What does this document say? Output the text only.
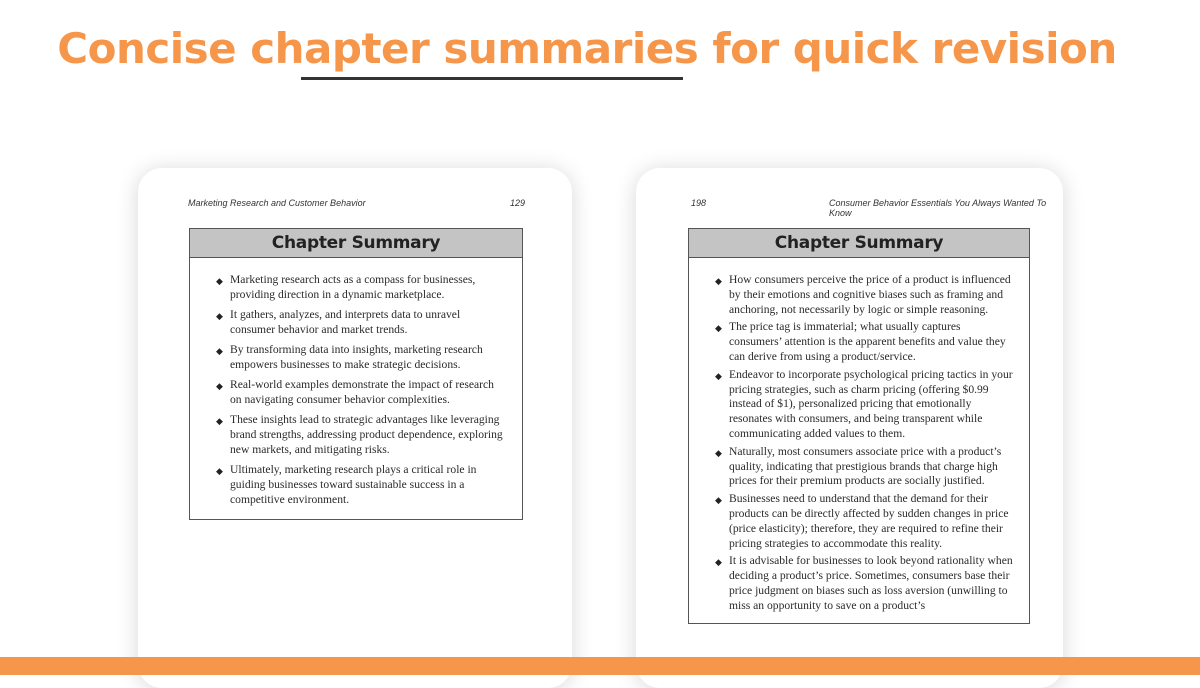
Concise chapter summaries for quick revision
Marketing Research and Customer Behavior	129
Chapter Summary
◆ Marketing research acts as a compass for businesses, providing direction in a dynamic marketplace.
◆ It gathers, analyzes, and interprets data to unravel consumer behavior and market trends.
◆ By transforming data into insights, marketing research empowers businesses to make strategic decisions.
◆ Real-world examples demonstrate the impact of research on navigating consumer behavior complexities.
◆ These insights lead to strategic advantages like leveraging brand strengths, addressing product dependence, exploring new markets, and mitigating risks.
◆ Ultimately, marketing research plays a critical role in guiding businesses toward sustainable success in a competitive environment.
198	Consumer Behavior Essentials You Always Wanted To Know
Chapter Summary
◆ How consumers perceive the price of a product is influenced by their emotions and cognitive biases such as framing and anchoring, not necessarily by logic or simple reasoning.
◆ The price tag is immaterial; what usually captures consumers’ attention is the apparent benefits and value they can derive from using a product/service.
◆ Endeavor to incorporate psychological pricing tactics in your pricing strategies, such as charm pricing (offering $0.99 instead of $1), personalized pricing that emotionally resonates with consumers, and being transparent while communicating added values to them.
◆ Naturally, most consumers associate price with a product’s quality, indicating that prestigious brands that charge high prices for their premium products are socially justified.
◆ Businesses need to understand that the demand for their products can be directly affected by sudden changes in price (price elasticity); therefore, they are required to refine their pricing strategies to accommodate this reality.
◆ It is advisable for businesses to look beyond rationality when deciding a product’s price. Sometimes, consumers base their price judgment on biases such as loss aversion (unwilling to miss an opportunity to save on a product’s
